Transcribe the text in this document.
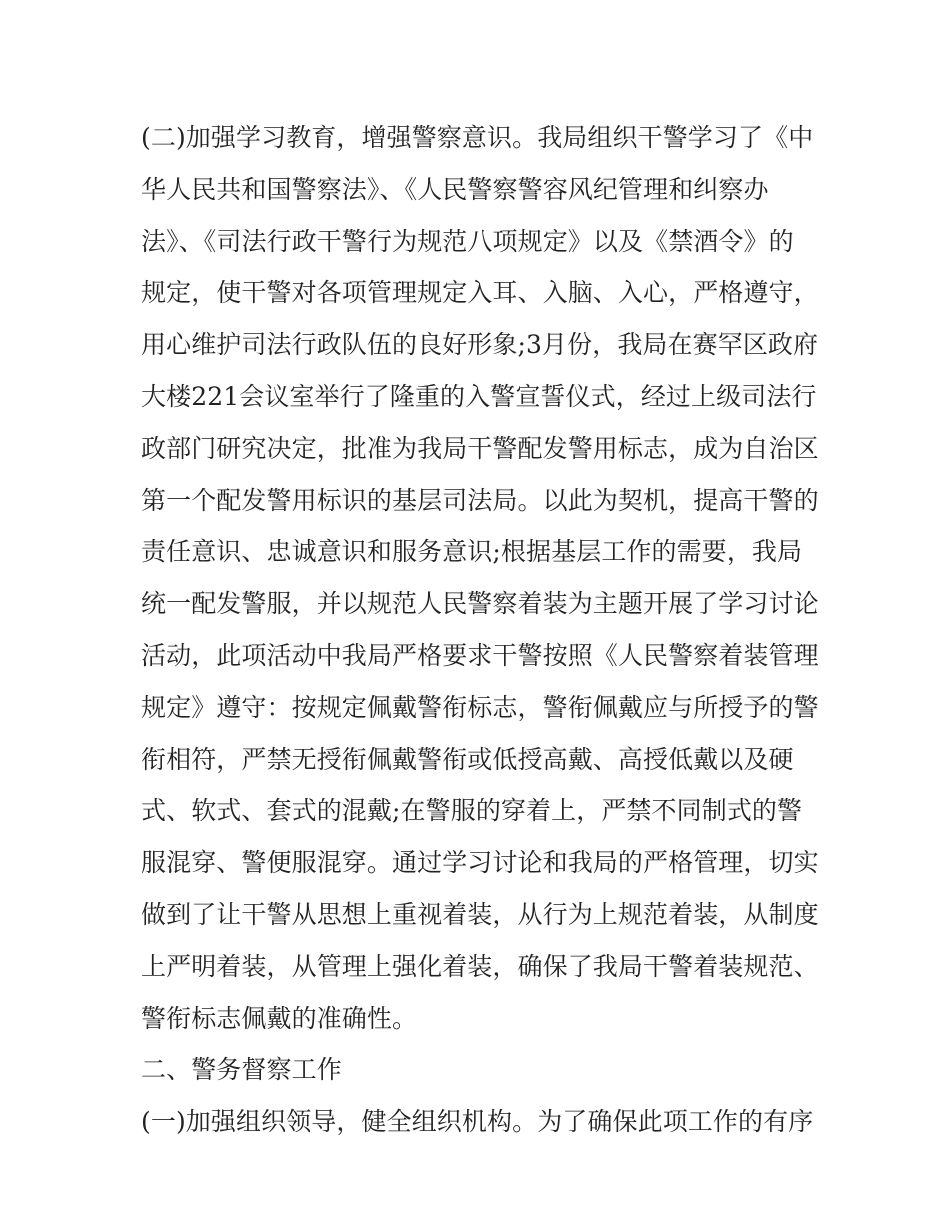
(二)加强学习教育，增强警察意识。我局组织干警学习了《中
华人民共和国警察法》、《人民警察警容风纪管理和纠察办
法》、《司法行政干警行为规范八项规定》以及《禁酒令》的
规定，使干警对各项管理规定入耳、入脑、入心，严格遵守，
用心维护司法行政队伍的良好形象;3月份，我局在赛罕区政府
大楼221会议室举行了隆重的入警宣誓仪式，经过上级司法行
政部门研究决定，批准为我局干警配发警用标志，成为自治区
第一个配发警用标识的基层司法局。以此为契机，提高干警的
责任意识、忠诚意识和服务意识;根据基层工作的需要，我局
统一配发警服，并以规范人民警察着装为主题开展了学习讨论
活动，此项活动中我局严格要求干警按照《人民警察着装管理
规定》遵守：按规定佩戴警衔标志，警衔佩戴应与所授予的警
衔相符，严禁无授衔佩戴警衔或低授高戴、高授低戴以及硬
式、软式、套式的混戴;在警服的穿着上，严禁不同制式的警
服混穿、警便服混穿。通过学习讨论和我局的严格管理，切实
做到了让干警从思想上重视着装，从行为上规范着装，从制度
上严明着装，从管理上强化着装，确保了我局干警着装规范、
警衔标志佩戴的准确性。
二、警务督察工作
(一)加强组织领导，健全组织机构。为了确保此项工作的有序
